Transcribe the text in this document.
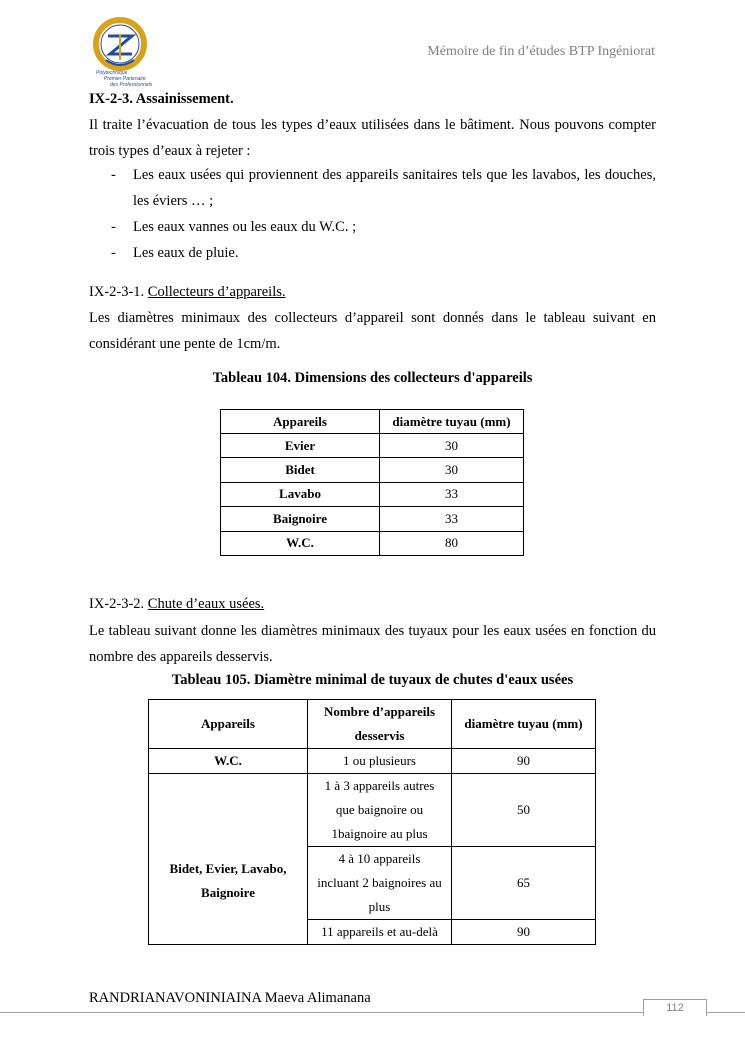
Polytechnique
Premier Partenaire
des Professionnels
Mémoire de fin d’études BTP Ingéniorat
IX-2-3. Assainissement.
Il traite l’évacuation de tous les types d’eaux utilisées dans le bâtiment. Nous pouvons compter trois types d’eaux à rejeter :
- Les eaux usées qui proviennent des appareils sanitaires tels que les lavabos, les douches, les éviers … ;
- Les eaux vannes ou les eaux du W.C. ;
- Les eaux de pluie.
IX-2-3-1. Collecteurs d’appareils.
Les diamètres minimaux des collecteurs d’appareil sont donnés dans le tableau suivant en considérant une pente de 1cm/m.
Tableau 104. Dimensions des collecteurs d'appareils
Appareils	diamètre tuyau (mm)
Evier	30
Bidet	30
Lavabo	33
Baignoire	33
W.C.	80
IX-2-3-2. Chute d’eaux usées.
Le tableau suivant donne les diamètres minimaux des tuyaux pour les eaux usées en fonction du nombre des appareils desservis.
Tableau 105. Diamètre minimal de tuyaux de chutes d'eaux usées
Appareils	Nombre d’appareils desservis	diamètre tuyau (mm)
W.C.	1 ou plusieurs	90
Bidet, Evier, Lavabo, Baignoire	1 à 3 appareils autres que baignoire ou 1baignoire au plus	50
	4 à 10 appareils incluant 2 baignoires au plus	65
	11 appareils et au-delà	90
RANDRIANAVONINIAINA Maeva Alimanana
112
